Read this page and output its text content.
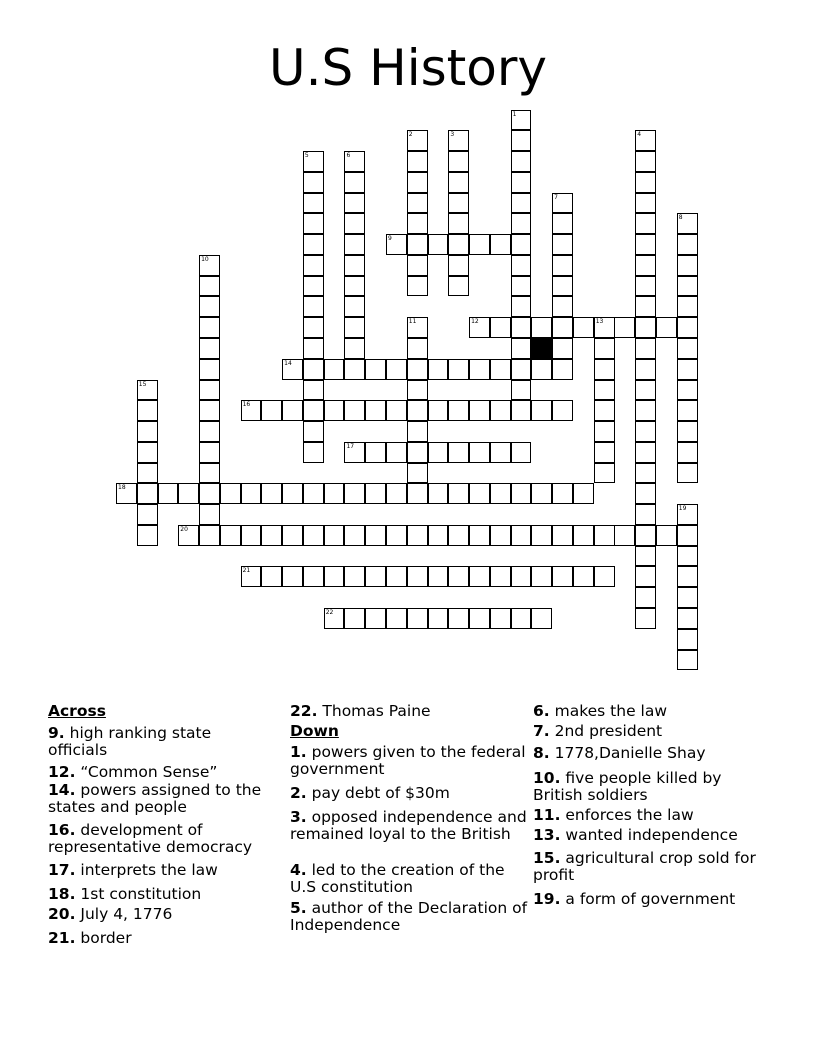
U.S History
1
2	3	4
5	6
7
8
10
11	13
15
19
9
12
14
16
17
18
20
21
22
Across
9. high ranking state officials
12. “Common Sense”
14. powers assigned to the states and people
16. development of representative democracy
17. interprets the law
18. 1st constitution
20. July 4, 1776
21. border
22. Thomas Paine
Down
1. powers given to the federal government
2. pay debt of $30m
3. opposed independence and remained loyal to the British
4. led to the creation of the U.S constitution
5. author of the Declaration of Independence
6. makes the law
7. 2nd president
8. 1778,Danielle Shay
10. five people killed by British soldiers
11. enforces the law
13. wanted independence
15. agricultural crop sold for profit
19. a form of government
